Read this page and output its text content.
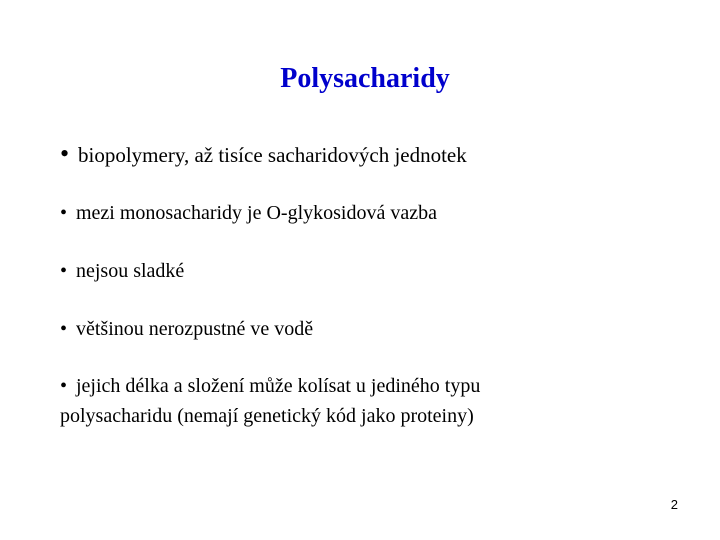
Polysacharidy
• biopolymery, až tisíce sacharidových jednotek
• mezi monosacharidy je O-glykosidová vazba
• nejsou sladké
• většinou nerozpustné ve vodě
• jejich délka a složení může kolísat u jediného typu
polysacharidu (nemají genetický kód jako proteiny)
2
